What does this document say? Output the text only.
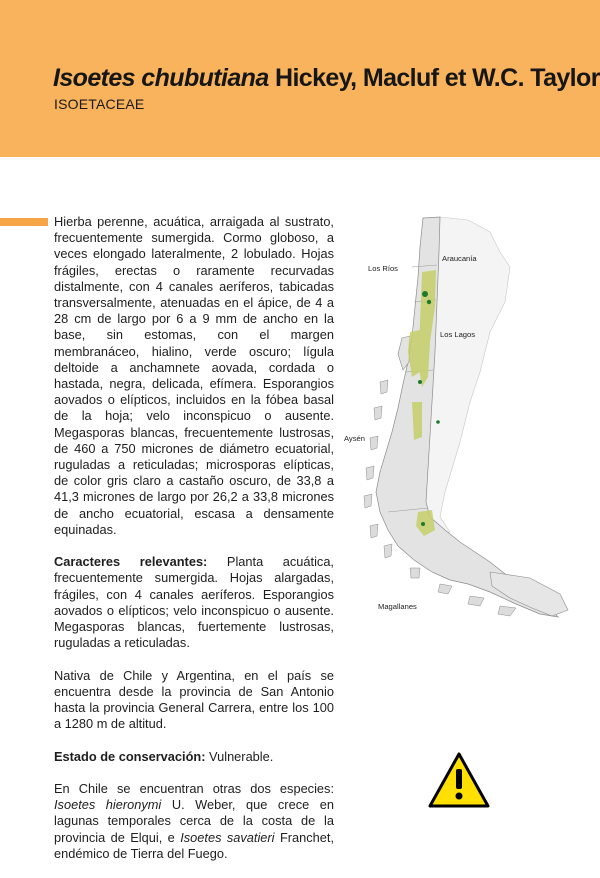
Isoetes chubutiana Hickey, Macluf et W.C. Taylor
ISOETACEAE

Hierba perenne, acuática, arraigada al sustrato, frecuentemente sumergida. Cormo globoso, a veces elongado lateralmente, 2 lobulado. Hojas frágiles, erectas o raramente recurvadas distalmente, con 4 canales aeríferos, tabicadas transversalmente, atenuadas en el ápice, de 4 a 28 cm de largo por 6 a 9 mm de ancho en la base, sin estomas, con el margen membranáceo, hialino, verde oscuro; lígula deltoide a anchamnete aovada, cordada o hastada, negra, delicada, efímera. Esporangios aovados o elípticos, incluidos en la fóbea basal de la hoja; velo inconspicuo o ausente. Megasporas blancas, frecuentemente lustrosas, de 460 a 750 micrones de diámetro ecuatorial, ruguladas a reticuladas; microsporas elípticas, de color gris claro a castaño oscuro, de 33,8 a 41,3 micrones de largo por 26,2 a 33,8 micrones de ancho ecuatorial, escasa a densamente equinadas.

Caracteres relevantes: Planta acuática, frecuentemente sumergida. Hojas alargadas, frágiles, con 4 canales aeríferos. Esporangios aovados o elípticos; velo inconspicuo o ausente. Megasporas blancas, fuertemente lustrosas, ruguladas a reticuladas.

Nativa de Chile y Argentina, en el país se encuentra desde la provincia de San Antonio hasta la provincia General Carrera, entre los 100 a 1280 m de altitud.

Estado de conservación: Vulnerable.

En Chile se encuentran otras dos especies: Isoetes hieronymi U. Weber, que crece en lagunas temporales cerca de la costa de la provincia de Elqui, e Isoetes savatieri Franchet, endémico de Tierra del Fuego.

Los Ríos
Araucanía
Los Lagos
Aysén
Magallanes
